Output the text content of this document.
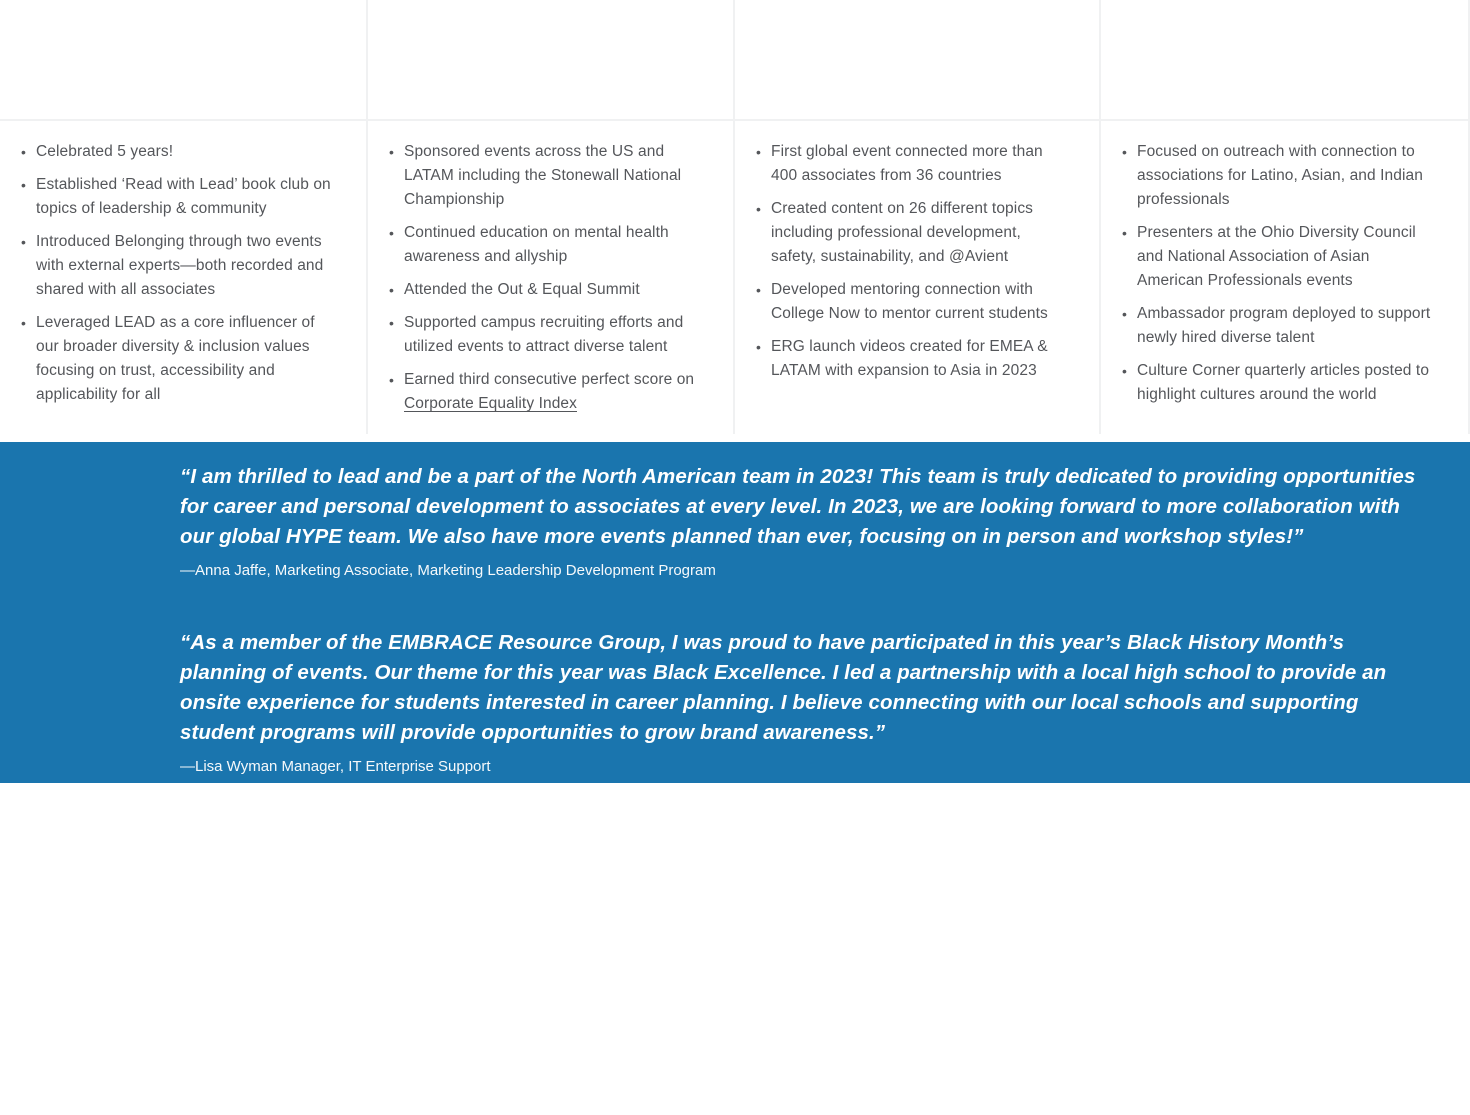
• Celebrated 5 years!
• Established ‘Read with Lead’ book club on topics of leadership & community
• Introduced Belonging through two events with external experts—both recorded and shared with all associates
• Leveraged LEAD as a core influencer of our broader diversity & inclusion values focusing on trust, accessibility and applicability for all
• Sponsored events across the US and LATAM including the Stonewall National Championship
• Continued education on mental health awareness and allyship
• Attended the Out & Equal Summit
• Supported campus recruiting efforts and utilized events to attract diverse talent
• Earned third consecutive perfect score on Corporate Equality Index
• First global event connected more than 400 associates from 36 countries
• Created content on 26 different topics including professional development, safety, sustainability, and @Avient
• Developed mentoring connection with College Now to mentor current students
• ERG launch videos created for EMEA & LATAM with expansion to Asia in 2023
• Focused on outreach with connection to associations for Latino, Asian, and Indian professionals
• Presenters at the Ohio Diversity Council and National Association of Asian American Professionals events
• Ambassador program deployed to support newly hired diverse talent
• Culture Corner quarterly articles posted to highlight cultures around the world
“I am thrilled to lead and be a part of the North American team in 2023! This team is truly dedicated to providing opportunities for career and personal development to associates at every level. In 2023, we are looking forward to more collaboration with our global HYPE team. We also have more events planned than ever, focusing on in person and workshop styles!”
—Anna Jaffe, Marketing Associate, Marketing Leadership Development Program
“As a member of the EMBRACE Resource Group, I was proud to have participated in this year’s Black History Month’s planning of events. Our theme for this year was Black Excellence. I led a partnership with a local high school to provide an onsite experience for students interested in career planning. I believe connecting with our local schools and supporting student programs will provide opportunities to grow brand awareness.”
—Lisa Wyman Manager, IT Enterprise Support
